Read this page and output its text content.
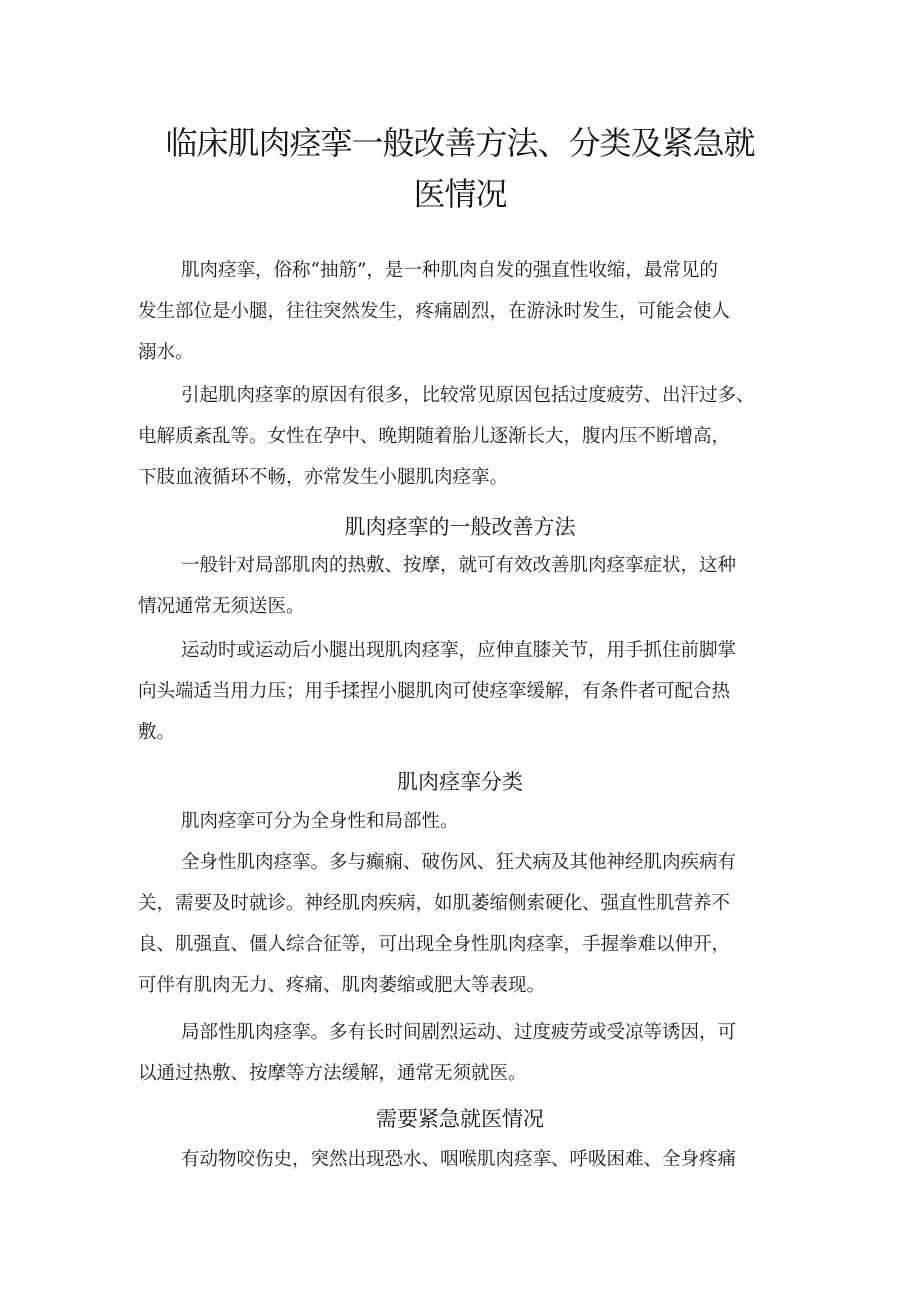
临床肌肉痉挛一般改善方法、分类及紧急就
医情况
肌肉痉挛，俗称“抽筋”，是一种肌肉自发的强直性收缩，最常见的
发生部位是小腿，往往突然发生，疼痛剧烈，在游泳时发生，可能会使人
溺水。
引起肌肉痉挛的原因有很多，比较常见原因包括过度疲劳、出汗过多、
电解质紊乱等。女性在孕中、晚期随着胎儿逐渐长大，腹内压不断增高，
下肢血液循环不畅，亦常发生小腿肌肉痉挛。
肌肉痉挛的一般改善方法
一般针对局部肌肉的热敷、按摩，就可有效改善肌肉痉挛症状，这种
情况通常无须送医。
运动时或运动后小腿出现肌肉痉挛，应伸直膝关节，用手抓住前脚掌
向头端适当用力压；用手揉捏小腿肌肉可使痉挛缓解，有条件者可配合热
敷。
肌肉痉挛分类
肌肉痉挛可分为全身性和局部性。
全身性肌肉痉挛。多与癫痫、破伤风、狂犬病及其他神经肌肉疾病有
关，需要及时就诊。神经肌肉疾病，如肌萎缩侧索硬化、强直性肌营养不
良、肌强直、僵人综合征等，可出现全身性肌肉痉挛，手握拳难以伸开，
可伴有肌肉无力、疼痛、肌肉萎缩或肥大等表现。
局部性肌肉痉挛。多有长时间剧烈运动、过度疲劳或受凉等诱因，可
以通过热敷、按摩等方法缓解，通常无须就医。
需要紧急就医情况
有动物咬伤史，突然出现恐水、咽喉肌肉痉挛、呼吸困难、全身疼痛
